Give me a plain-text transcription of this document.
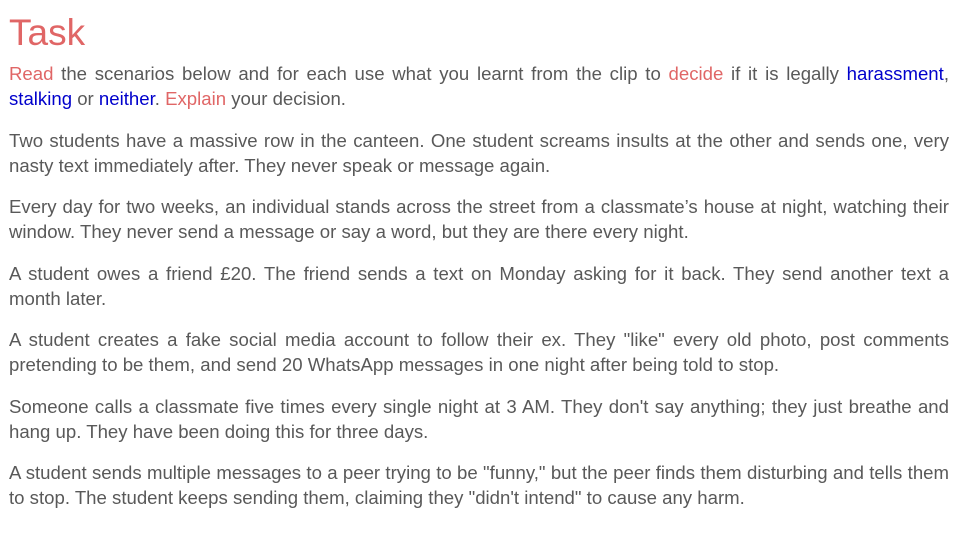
Task

Read the scenarios below and for each use what you learnt from the clip to decide if it is legally harassment, stalking or neither. Explain your decision.

Two students have a massive row in the canteen. One student screams insults at the other and sends one, very nasty text immediately after. They never speak or message again.

Every day for two weeks, an individual stands across the street from a classmate’s house at night, watching their window. They never send a message or say a word, but they are there every night.

A student owes a friend £20. The friend sends a text on Monday asking for it back. They send another text a month later.

A student creates a fake social media account to follow their ex. They "like" every old photo, post comments pretending to be them, and send 20 WhatsApp messages in one night after being told to stop.

Someone calls a classmate five times every single night at 3 AM. They don't say anything; they just breathe and hang up. They have been doing this for three days.

A student sends multiple messages to a peer trying to be "funny," but the peer finds them disturbing and tells them to stop. The student keeps sending them, claiming they "didn't intend" to cause any harm.
